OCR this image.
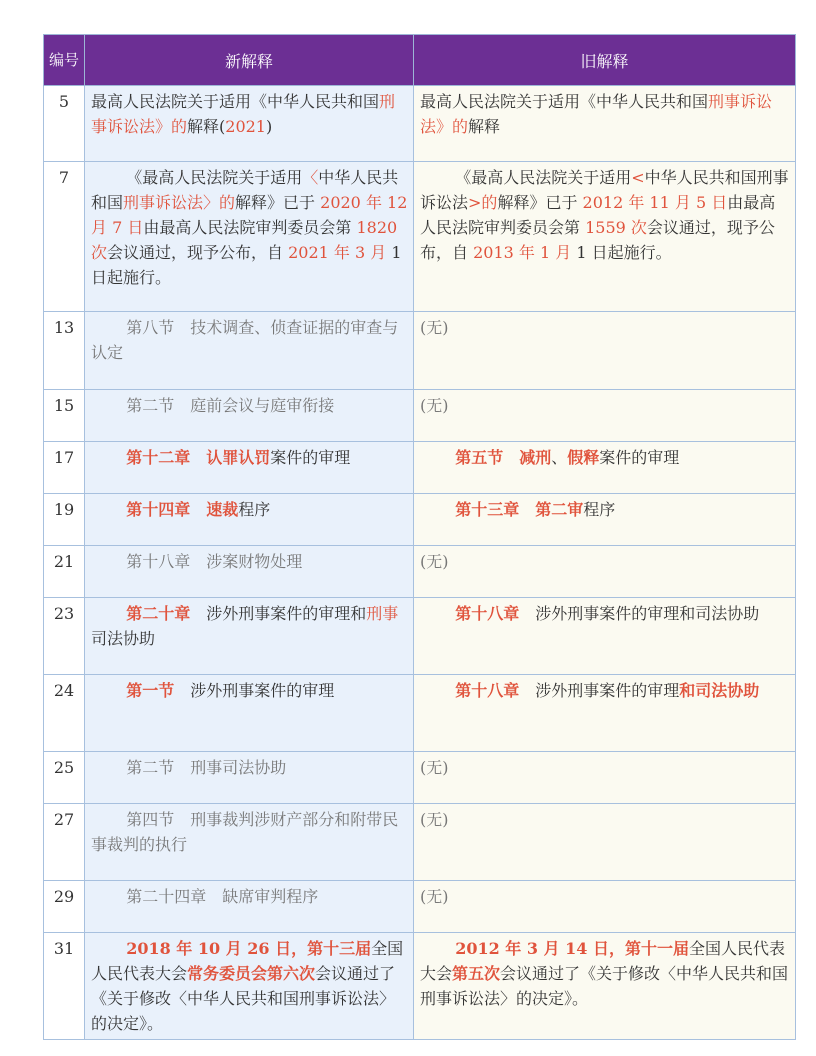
编号	新解释	旧解释
5	最高人民法院关于适用《中华人民共和国刑事诉讼法》的解释(2021)	最高人民法院关于适用《中华人民共和国刑事诉讼法》的解释
7	《最高人民法院关于适用〈中华人民共和国刑事诉讼法〉的解释》已于 2020 年 12 月 7 日由最高人民法院审判委员会第 1820 次会议通过，现予公布，自 2021 年 3 月 1 日起施行。	《最高人民法院关于适用<中华人民共和国刑事诉讼法>的解释》已于 2012 年 11 月 5 日由最高人民法院审判委员会第 1559 次会议通过，现予公布，自 2013 年 1 月 1 日起施行。
13	第八节　技术调查、侦查证据的审查与认定	(无)
15	第二节　庭前会议与庭审衔接	(无)
17	第十二章　认罪认罚案件的审理	第五节　减刑、假释案件的审理
19	第十四章　速裁程序	第十三章　第二审程序
21	第十八章　涉案财物处理	(无)
23	第二十章　涉外刑事案件的审理和刑事司法协助	第十八章　涉外刑事案件的审理和司法协助
24	第一节　涉外刑事案件的审理	第十八章　涉外刑事案件的审理和司法协助
25	第二节　刑事司法协助	(无)
27	第四节　刑事裁判涉财产部分和附带民事裁判的执行	(无)
29	第二十四章　缺席审判程序	(无)
31	2018 年 10 月 26 日，第十三届全国人民代表大会常务委员会第六次会议通过了《关于修改〈中华人民共和国刑事诉讼法〉的决定》。	2012 年 3 月 14 日，第十一届全国人民代表大会第五次会议通过了《关于修改〈中华人民共和国刑事诉讼法〉的决定》。
